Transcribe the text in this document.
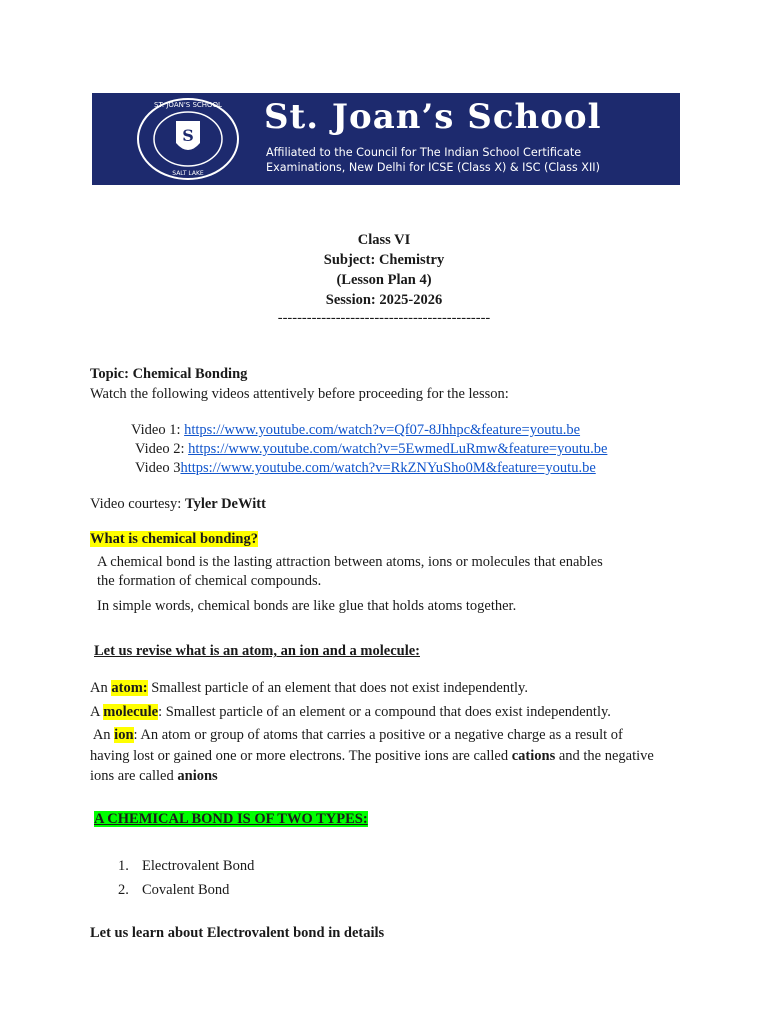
S
ST. JOAN'S SCHOOL
SALT LAKE
St. Joan’s School
Affiliated to the Council for The Indian School Certificate
Examinations, New Delhi for ICSE (Class X) & ISC (Class XII)
Class VI
Subject: Chemistry
(Lesson Plan 4)
Session: 2025-2026
--------------------------------------------
Topic: Chemical Bonding
Watch the following videos attentively before proceeding for the lesson:
Video 1: https://www.youtube.com/watch?v=Qf07-8Jhhpc&feature=youtu.be
Video 2: https://www.youtube.com/watch?v=5EwmedLuRmw&feature=youtu.be
Video 3https://www.youtube.com/watch?v=RkZNYuSho0M&feature=youtu.be
Video courtesy: Tyler DeWitt
What is chemical bonding?
A chemical bond is the lasting attraction between atoms, ions or molecules that enables
the formation of chemical compounds.
In simple words, chemical bonds are like glue that holds atoms together.
Let us revise what is an atom, an ion and a molecule:
An atom: Smallest particle of an element that does not exist independently.
A molecule: Smallest particle of an element or a compound that does exist independently.
An ion: An atom or group of atoms that carries a positive or a negative charge as a result of
having lost or gained one or more electrons. The positive ions are called cations and the negative
ions are called anions
A CHEMICAL BOND IS OF TWO TYPES:
1. Electrovalent Bond
2. Covalent Bond
Let us learn about Electrovalent bond in details
